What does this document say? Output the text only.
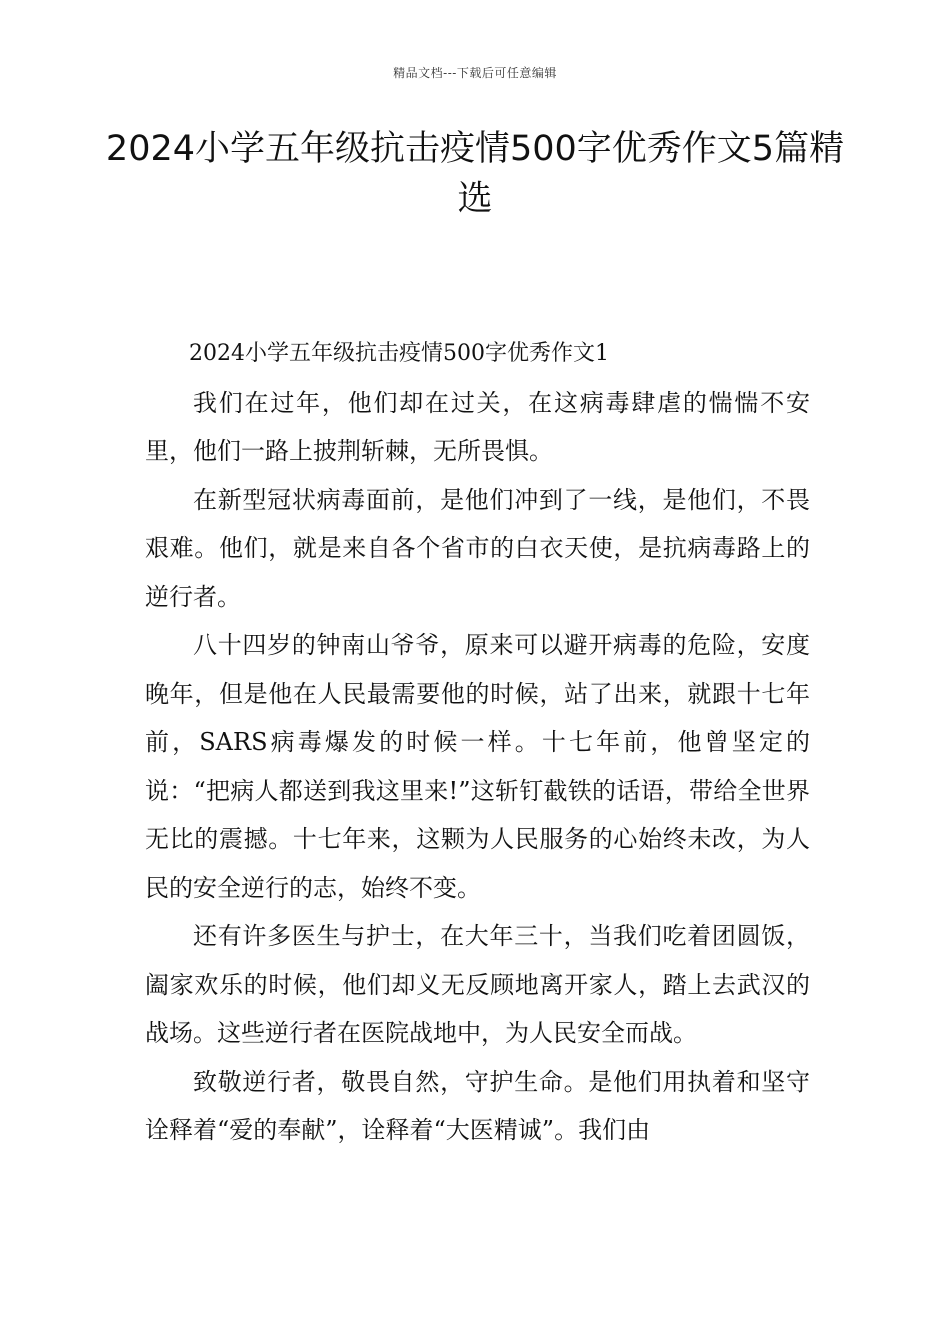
精品文档---下载后可任意编辑
2024小学五年级抗击疫情500字优秀作文5篇精选

2024小学五年级抗击疫情500字优秀作文1

我们在过年，他们却在过关，在这病毒肆虐的惴惴不安里，他们一路上披荆斩棘，无所畏惧。

在新型冠状病毒面前，是他们冲到了一线，是他们，不畏艰难。他们，就是来自各个省市的白衣天使，是抗病毒路上的逆行者。

八十四岁的钟南山爷爷，原来可以避开病毒的危险，安度晚年，但是他在人民最需要他的时候，站了出来，就跟十七年前，SARS病毒爆发的时候一样。十七年前，他曾坚定的说：“把病人都送到我这里来!”这斩钉截铁的话语，带给全世界无比的震撼。十七年来，这颗为人民服务的心始终未改，为人民的安全逆行的志，始终不变。

还有许多医生与护士，在大年三十，当我们吃着团圆饭，阖家欢乐的时候，他们却义无反顾地离开家人，踏上去武汉的战场。这些逆行者在医院战地中，为人民安全而战。

致敬逆行者，敬畏自然，守护生命。是他们用执着和坚守诠释着“爱的奉献”，诠释着“大医精诚”。我们由
